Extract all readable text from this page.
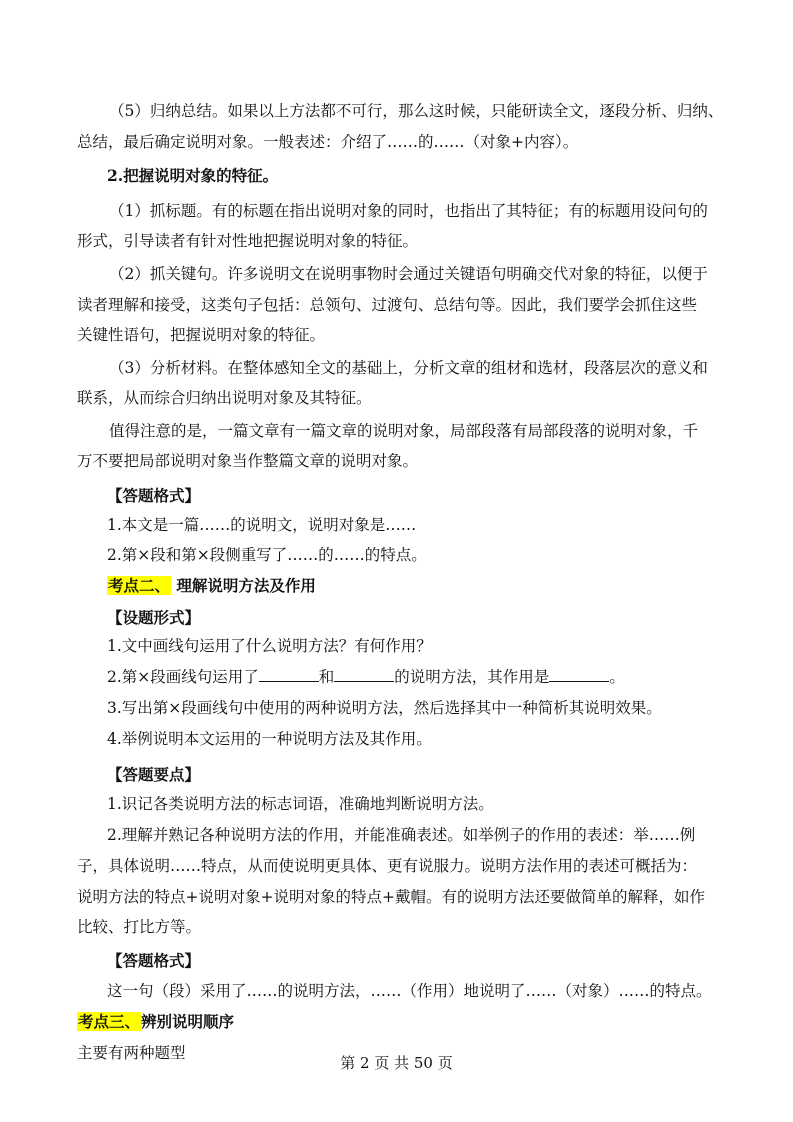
（5）归纳总结。如果以上方法都不可行，那么这时候，只能研读全文，逐段分析、归纳、
总结，最后确定说明对象。一般表述：介绍了……的……（对象+内容）。
2.把握说明对象的特征。
（1）抓标题。有的标题在指出说明对象的同时，也指出了其特征；有的标题用设问句的
形式，引导读者有针对性地把握说明对象的特征。
（2）抓关键句。许多说明文在说明事物时会通过关键语句明确交代对象的特征，以便于
读者理解和接受，这类句子包括：总领句、过渡句、总结句等。因此，我们要学会抓住这些
关键性语句，把握说明对象的特征。
（3）分析材料。在整体感知全文的基础上，分析文章的组材和选材，段落层次的意义和
联系，从而综合归纳出说明对象及其特征。
值得注意的是，一篇文章有一篇文章的说明对象，局部段落有局部段落的说明对象，千
万不要把局部说明对象当作整篇文章的说明对象。
【答题格式】
1.本文是一篇……的说明文，说明对象是……
2.第×段和第×段侧重写了……的……的特点。
考点二、 理解说明方法及作用
【设题形式】
1.文中画线句运用了什么说明方法？有何作用？
2.第×段画线句运用了	和	的说明方法，其作用是	。
3.写出第×段画线句中使用的两种说明方法，然后选择其中一种简析其说明效果。
4.举例说明本文运用的一种说明方法及其作用。
【答题要点】
1.识记各类说明方法的标志词语，准确地判断说明方法。
2.理解并熟记各种说明方法的作用，并能准确表述。如举例子的作用的表述：举……例
子，具体说明……特点，从而使说明更具体、更有说服力。说明方法作用的表述可概括为：
说明方法的特点+说明对象+说明对象的特点+戴帽。有的说明方法还要做简单的解释，如作
比较、打比方等。
【答题格式】
这一句（段）采用了……的说明方法，……（作用）地说明了……（对象）……的特点。
考点三、辨别说明顺序
主要有两种题型
第 2 页 共 50 页
